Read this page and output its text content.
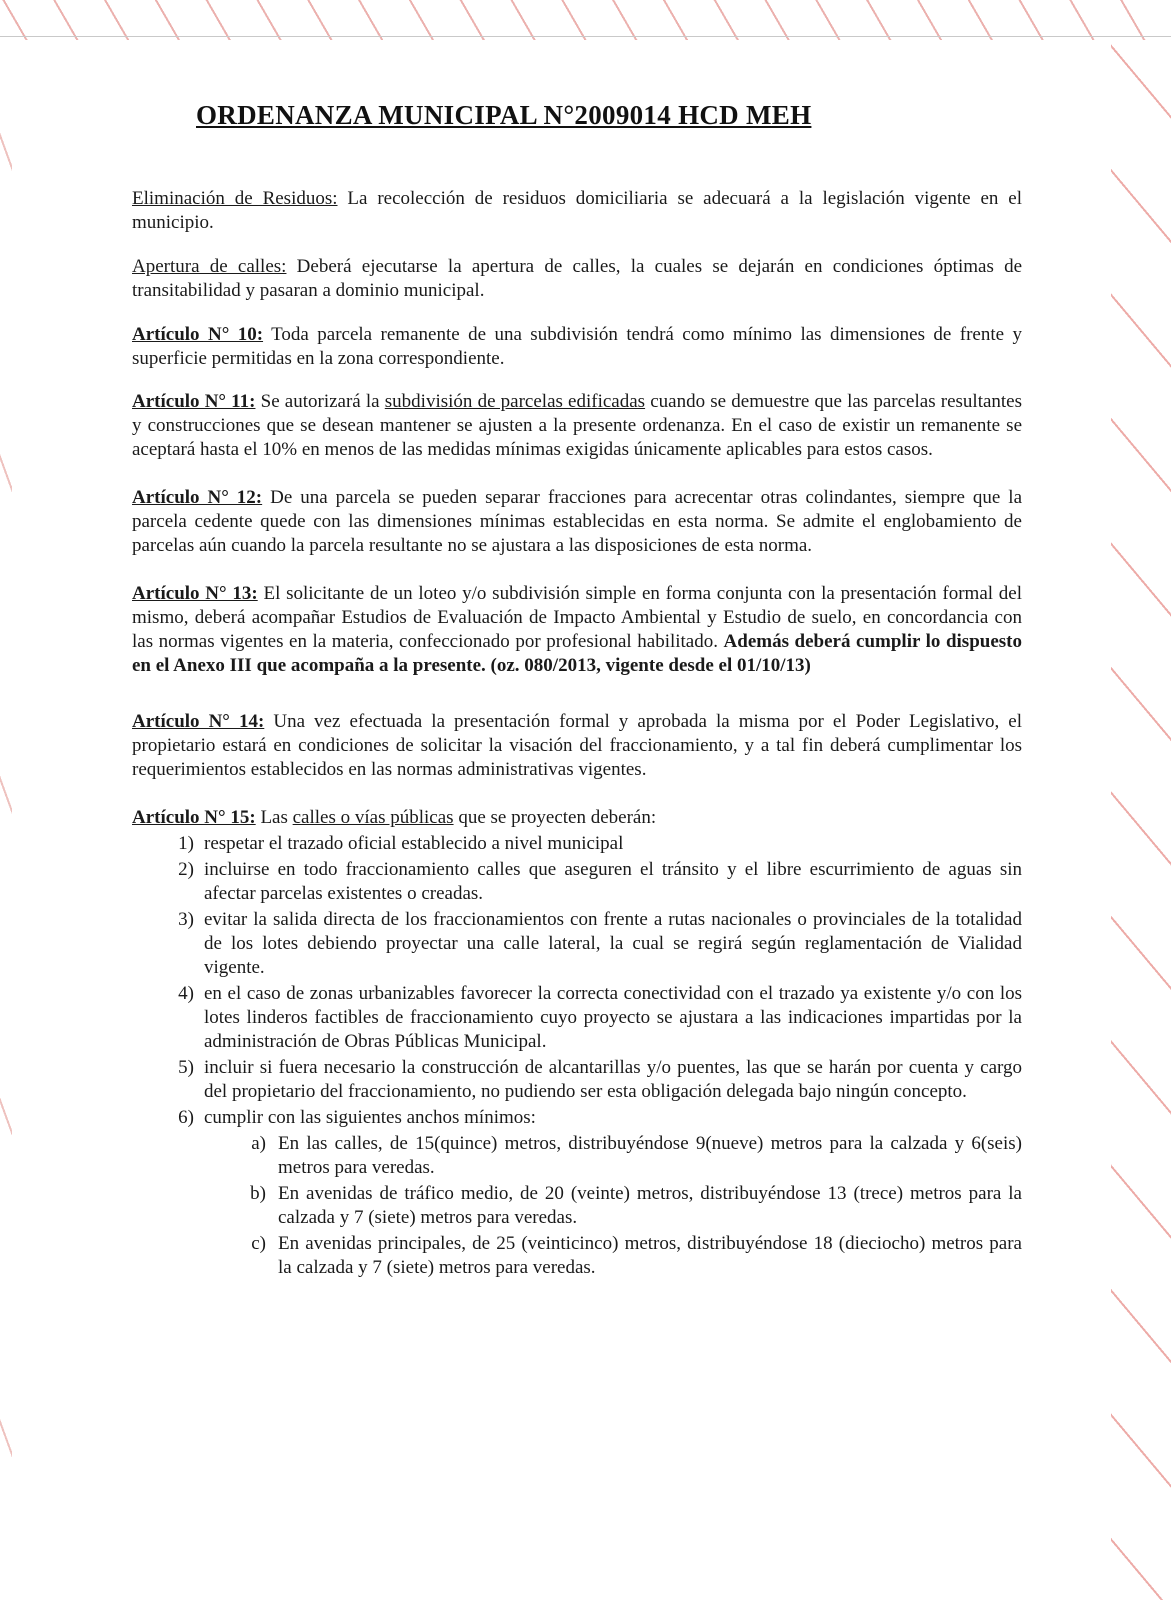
ORDENANZA MUNICIPAL N°2009014 HCD MEH

Eliminación de Residuos: La recolección de residuos domiciliaria se adecuará a la legislación vigente en el municipio.

Apertura de calles: Deberá ejecutarse la apertura de calles, la cuales se dejarán en condiciones óptimas de transitabilidad y pasaran a dominio municipal.

Artículo N° 10: Toda parcela remanente de una subdivisión tendrá como mínimo las dimensiones de frente y superficie permitidas en la zona correspondiente.

Artículo N° 11: Se autorizará la subdivisión de parcelas edificadas cuando se demuestre que las parcelas resultantes y construcciones que se desean mantener se ajusten a la presente ordenanza. En el caso de existir un remanente se aceptará hasta el 10% en menos de las medidas mínimas exigidas únicamente aplicables para estos casos.

Artículo N° 12: De una parcela se pueden separar fracciones para acrecentar otras colindantes, siempre que la parcela cedente quede con las dimensiones mínimas establecidas en esta norma. Se admite el englobamiento de parcelas aún cuando la parcela resultante no se ajustara a las disposiciones de esta norma.

Artículo N° 13: El solicitante de un loteo y/o subdivisión simple en forma conjunta con la presentación formal del mismo, deberá acompañar Estudios de Evaluación de Impacto Ambiental y Estudio de suelo, en concordancia con las normas vigentes en la materia, confeccionado por profesional habilitado. Además deberá cumplir lo dispuesto en el Anexo III que acompaña a la presente. (oz. 080/2013, vigente desde el 01/10/13)

Artículo N° 14: Una vez efectuada la presentación formal y aprobada la misma por el Poder Legislativo, el propietario estará en condiciones de solicitar la visación del fraccionamiento, y a tal fin deberá cumplimentar los requerimientos establecidos en las normas administrativas vigentes.

Artículo N° 15: Las calles o vías públicas que se proyecten deberán:

1) respetar el trazado oficial establecido a nivel municipal
2) incluirse en todo fraccionamiento calles que aseguren el tránsito y el libre escurrimiento de aguas sin afectar parcelas existentes o creadas.
3) evitar la salida directa de los fraccionamientos con frente a rutas nacionales o provinciales de la totalidad de los lotes debiendo proyectar una calle lateral, la cual se regirá según reglamentación de Vialidad vigente.
4) en el caso de zonas urbanizables favorecer la correcta conectividad con el trazado ya existente y/o con los lotes linderos factibles de fraccionamiento cuyo proyecto se ajustara a las indicaciones impartidas por la administración de Obras Públicas Municipal.
5) incluir si fuera necesario la construcción de alcantarillas y/o puentes, las que se harán por cuenta y cargo del propietario del fraccionamiento, no pudiendo ser esta obligación delegada bajo ningún concepto.
6) cumplir con las siguientes anchos mínimos:
a) En las calles, de 15(quince) metros, distribuyéndose 9(nueve) metros para la calzada y 6(seis) metros para veredas.
b) En avenidas de tráfico medio, de 20 (veinte) metros, distribuyéndose 13 (trece) metros para la calzada y 7 (siete) metros para veredas.
c) En avenidas principales, de 25 (veinticinco) metros, distribuyéndose 18 (dieciocho) metros para la calzada y 7 (siete) metros para veredas.
